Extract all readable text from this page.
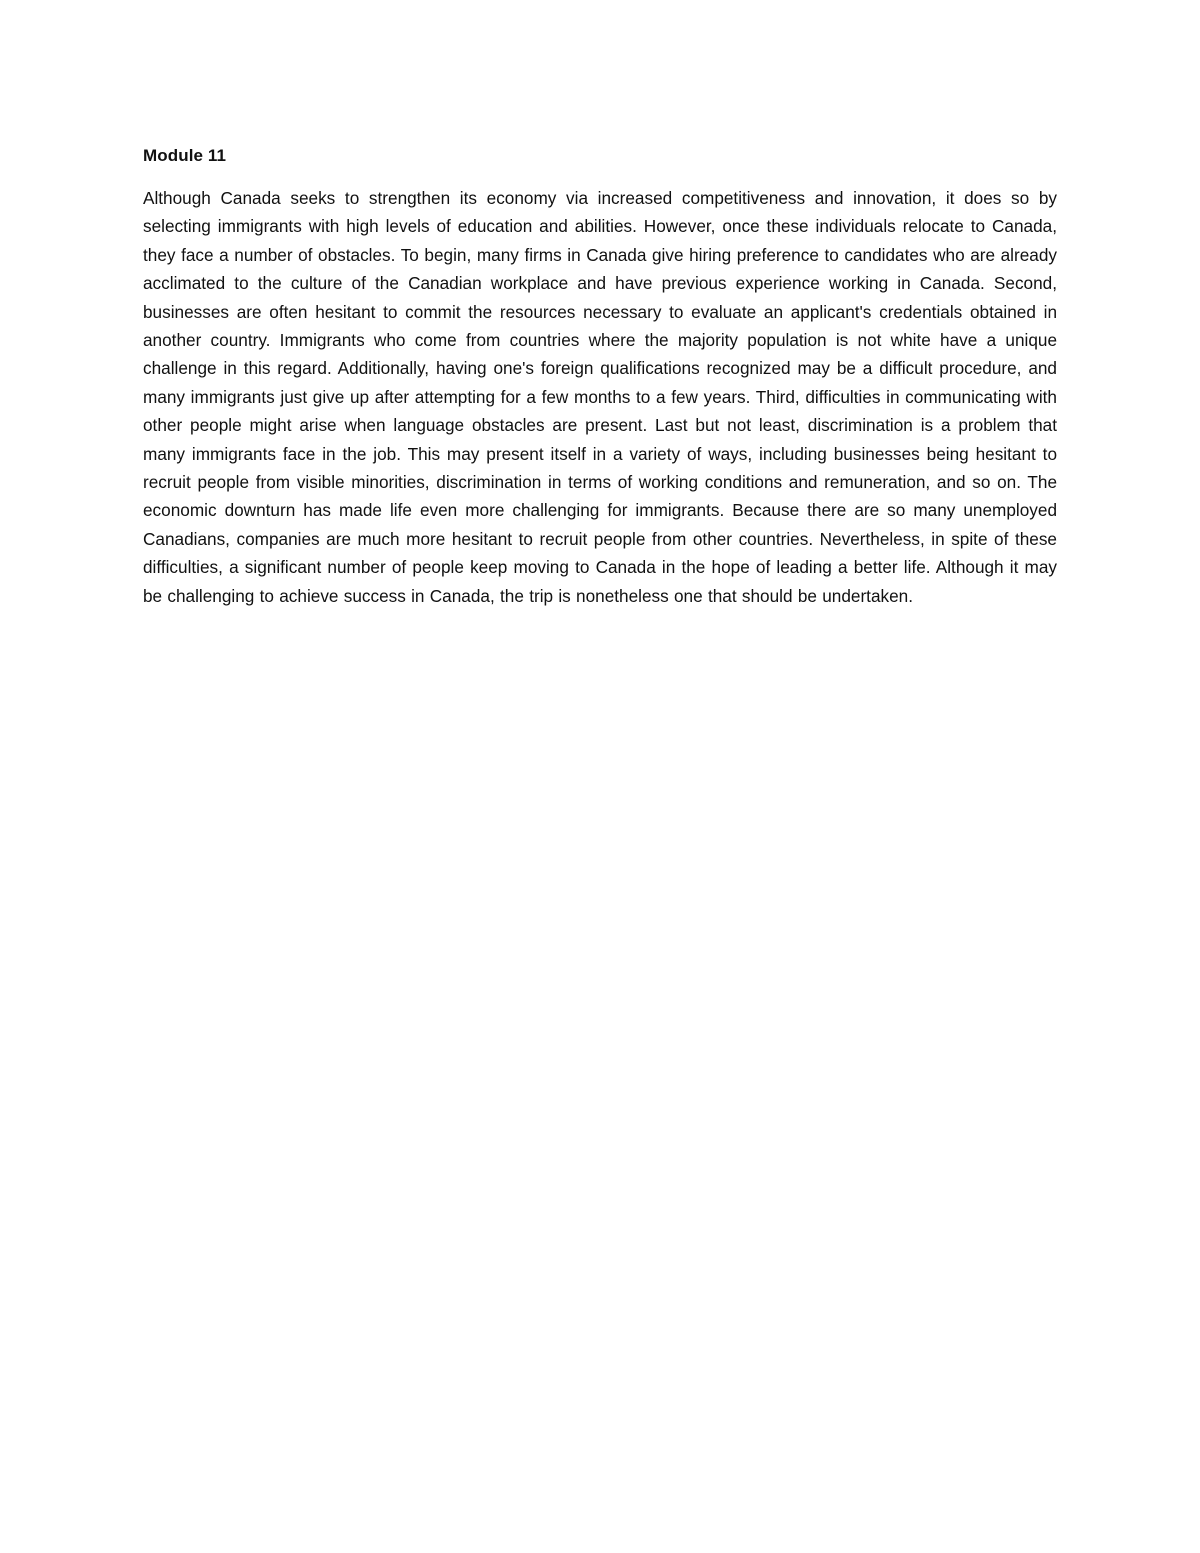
Module 11

Although Canada seeks to strengthen its economy via increased competitiveness and innovation, it does so by selecting immigrants with high levels of education and abilities. However, once these individuals relocate to Canada, they face a number of obstacles. To begin, many firms in Canada give hiring preference to candidates who are already acclimated to the culture of the Canadian workplace and have previous experience working in Canada. Second, businesses are often hesitant to commit the resources necessary to evaluate an applicant's credentials obtained in another country. Immigrants who come from countries where the majority population is not white have a unique challenge in this regard. Additionally, having one's foreign qualifications recognized may be a difficult procedure, and many immigrants just give up after attempting for a few months to a few years. Third, difficulties in communicating with other people might arise when language obstacles are present. Last but not least, discrimination is a problem that many immigrants face in the job. This may present itself in a variety of ways, including businesses being hesitant to recruit people from visible minorities, discrimination in terms of working conditions and remuneration, and so on. The economic downturn has made life even more challenging for immigrants. Because there are so many unemployed Canadians, companies are much more hesitant to recruit people from other countries. Nevertheless, in spite of these difficulties, a significant number of people keep moving to Canada in the hope of leading a better life. Although it may be challenging to achieve success in Canada, the trip is nonetheless one that should be undertaken.
